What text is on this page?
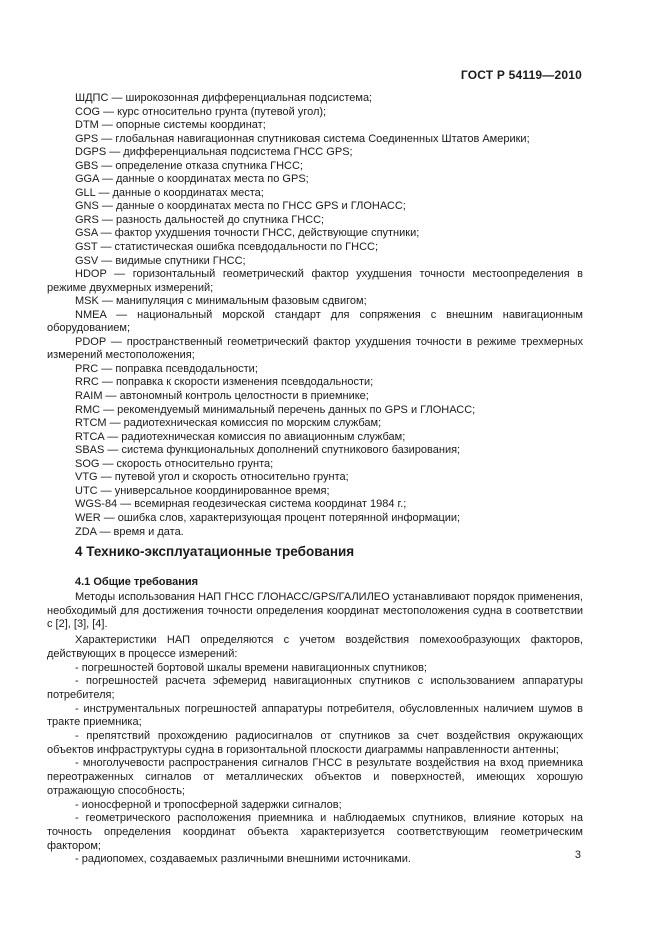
ГОСТ Р 54119—2010
ШДПС — широкозонная дифференциальная подсистема;
COG — курс относительно грунта (путевой угол);
DTM — опорные системы координат;
GPS — глобальная навигационная спутниковая система Соединенных Штатов Америки;
DGPS — дифференциальная подсистема ГНСС GPS;
GBS — определение отказа спутника ГНСС;
GGA — данные о координатах места по GPS;
GLL — данные о координатах места;
GNS — данные о координатах места по ГНСС GPS и ГЛОНАСС;
GRS — разность дальностей до спутника ГНСС;
GSA — фактор ухудшения точности ГНСС, действующие спутники;
GST — статистическая ошибка псевдодальности по ГНСС;
GSV — видимые спутники ГНСС;
HDOP — горизонтальный геометрический фактор ухудшения точности местоопределения в режиме двухмерных измерений;
MSK — манипуляция с минимальным фазовым сдвигом;
NMEA — национальный морской стандарт для сопряжения с внешним навигационным оборудованием;
PDOP — пространственный геометрический фактор ухудшения точности в режиме трехмерных измерений местоположения;
PRC — поправка псевдодальности;
RRC — поправка к скорости изменения псевдодальности;
RAIM — автономный контроль целостности в приемнике;
RMC — рекомендуемый минимальный перечень данных по GPS и ГЛОНАСС;
RTCM — радиотехническая комиссия по морским службам;
RTCA — радиотехническая комиссия по авиационным службам;
SBAS — система функциональных дополнений спутникового базирования;
SOG — скорость относительно грунта;
VTG — путевой угол и скорость относительно грунта;
UTC — универсальное координированное время;
WGS-84 — всемирная геодезическая система координат 1984 г.;
WER — ошибка слов, характеризующая процент потерянной информации;
ZDA — время и дата.
4 Технико-эксплуатационные требования
4.1 Общие требования

Методы использования НАП ГНСС ГЛОНАСС/GPS/ГАЛИЛЕО устанавливают порядок применения, необходимый для достижения точности определения координат местоположения судна в соответствии с [2], [3], [4].

Характеристики НАП определяются с учетом воздействия помехообразующих факторов, действующих в процессе измерений:

- погрешностей бортовой шкалы времени навигационных спутников;

- погрешностей расчета эфемерид навигационных спутников с использованием аппаратуры потребителя;

- инструментальных погрешностей аппаратуры потребителя, обусловленных наличием шумов в тракте приемника;

- препятствий прохождению радиосигналов от спутников за счет воздействия окружающих объектов инфраструктуры судна в горизонтальной плоскости диаграммы направленности антенны;

- многолучевости распространения сигналов ГНСС в результате воздействия на вход приемника переотраженных сигналов от металлических объектов и поверхностей, имеющих хорошую отражающую способность;

- ионосферной и тропосферной задержки сигналов;

- геометрического расположения приемника и наблюдаемых спутников, влияние которых на точность определения координат объекта характеризуется соответствующим геометрическим фактором;

- радиопомех, создаваемых различными внешними источниками.	3
